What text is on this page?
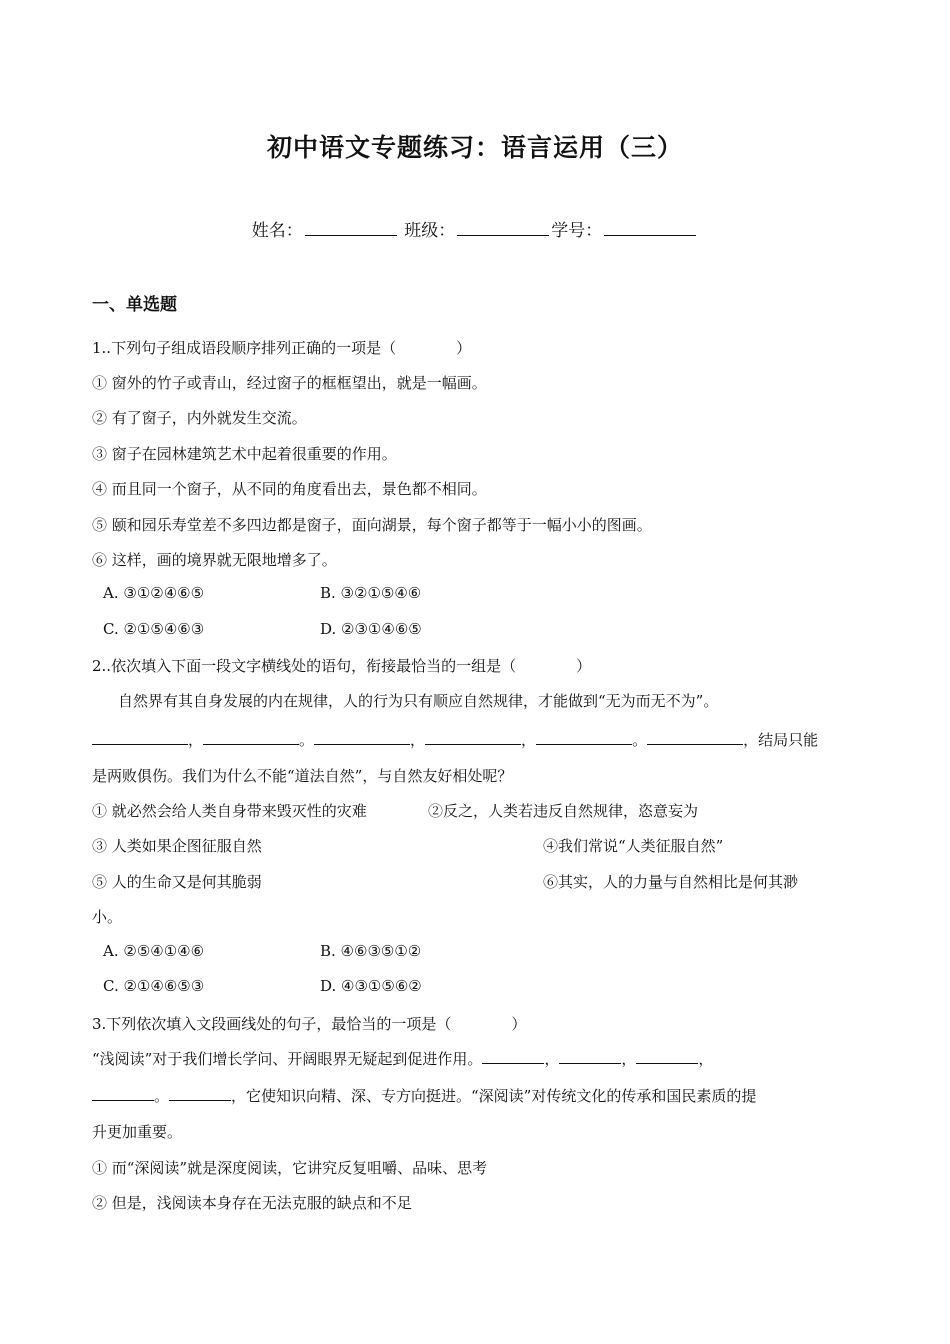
初中语文专题练习：语言运用（三）
姓名：	班级：	学号：
一、单选题
1..下列句子组成语段顺序排列正确的一项是（　　　　）
① 窗外的竹子或青山，经过窗子的框框望出，就是一幅画。
② 有了窗子，内外就发生交流。
③ 窗子在园林建筑艺术中起着很重要的作用。
④ 而且同一个窗子，从不同的角度看出去，景色都不相同。
⑤ 颐和园乐寿堂差不多四边都是窗子，面向湖景，每个窗子都等于一幅小小的图画。
⑥ 这样，画的境界就无限地增多了。
A. ③①②④⑥⑤	B. ③②①⑤④⑥
C. ②①⑤④⑥③	D. ②③①④⑥⑤
2..依次填入下面一段文字横线处的语句，衔接最恰当的一组是（　　　　）
自然界有其自身发展的内在规律，人的行为只有顺应自然规律，才能做到“无为而无不为”。
，	。	，	，	。	，结局只能
是两败俱伤。我们为什么不能“道法自然”，与自然友好相处呢？
① 就必然会给人类自身带来毁灭性的灾难	②反之，人类若违反自然规律，恣意妄为
③ 人类如果企图征服自然	④我们常说“人类征服自然”
⑤ 人的生命又是何其脆弱	⑥其实，人的力量与自然相比是何其渺
小。
A. ②⑤④①④⑥	B. ④⑥③⑤①②
C. ②①④⑥⑤③	D. ④③①⑤⑥②
3.下列依次填入文段画线处的句子，最恰当的一项是（　　　　）
“浅阅读”对于我们增长学问、开阔眼界无疑起到促进作用。	，	，	，
。	，它使知识向精、深、专方向挺进。“深阅读”对传统文化的传承和国民素质的提
升更加重要。
① 而“深阅读”就是深度阅读，它讲究反复咀嚼、品味、思考
② 但是，浅阅读本身存在无法克服的缺点和不足
